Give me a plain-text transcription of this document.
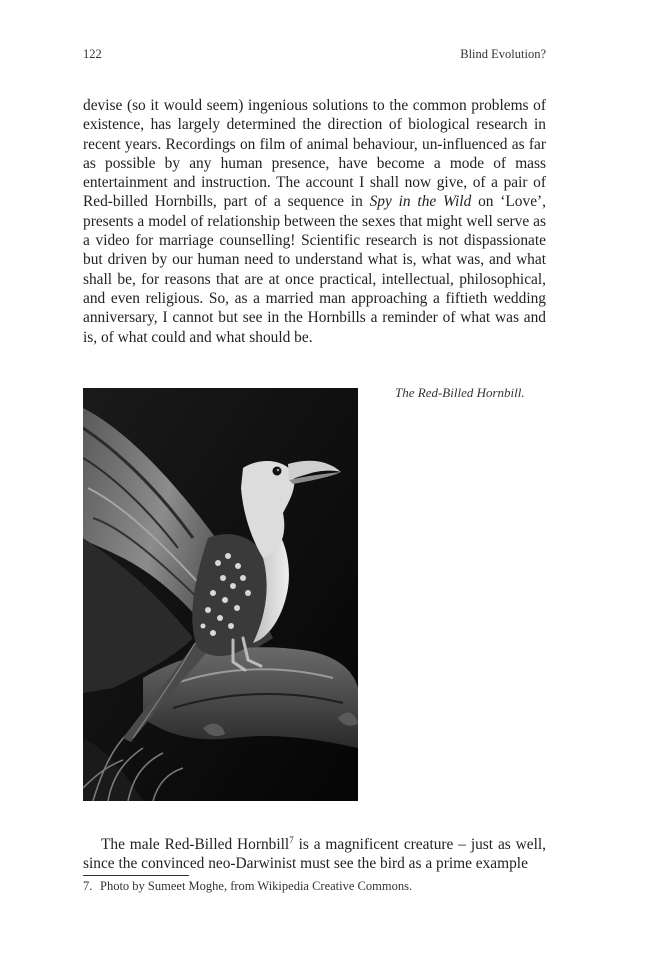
122	Blind Evolution?

devise (so it would seem) ingenious solutions to the common problems of existence, has largely determined the direction of biological research in recent years. Recordings on film of animal behaviour, un-influenced as far as possible by any human presence, have become a mode of mass entertainment and instruction. The account I shall now give, of a pair of Red-billed Hornbills, part of a sequence in Spy in the Wild on ‘Love’, presents a model of relationship between the sexes that might well serve as a video for marriage counselling! Scientific research is not dispassionate but driven by our human need to understand what is, what was, and what shall be, for reasons that are at once practical, intellectual, philosophical, and even religious. So, as a married man approaching a fiftieth wedding anniversary, I cannot but see in the Hornbills a reminder of what was and is, of what could and what should be.

The Red-Billed Hornbill.

The male Red-Billed Hornbill$^7$ is a magnificent creature – just as well, since the convinced neo-Darwinist must see the bird as a prime example

7. Photo by Sumeet Moghe, from Wikipedia Creative Commons.
